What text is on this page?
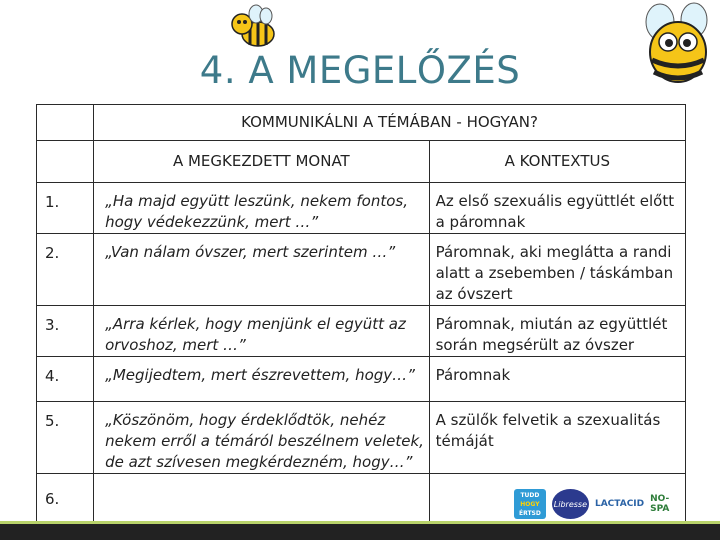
4. A MEGELŐZÉS
	KOMMUNIKÁLNI A TÉMÁBAN - HOGYAN?	
	A MEGKEZDETT MONAT	A KONTEXTUS
1.	„Ha majd együtt leszünk, nekem fontos, hogy védekezzünk, mert …”	Az első szexuális együttlét előtt a páromnak
2.	„Van nálam óvszer, mert szerintem …”	Páromnak, aki meglátta a randi alatt a zsebemben / táskámban az óvszert
3.	„Arra kérlek, hogy menjünk el együtt az orvoshoz, mert …”	Páromnak, miután az együttlét során megsérült az óvszer
4.	„Megijedtem, mert észrevettem, hogy…”	Páromnak
5.	„Köszönöm, hogy érdeklődtök, nehéz nekem erről a témáról beszélnem veletek, de azt szívesen megkérdezném, hogy…”	A szülők felvetik a szexualitás témáját
6.			TUDD
HOGY
ÉRTSD
Libresse LACTACID NO-SPA
